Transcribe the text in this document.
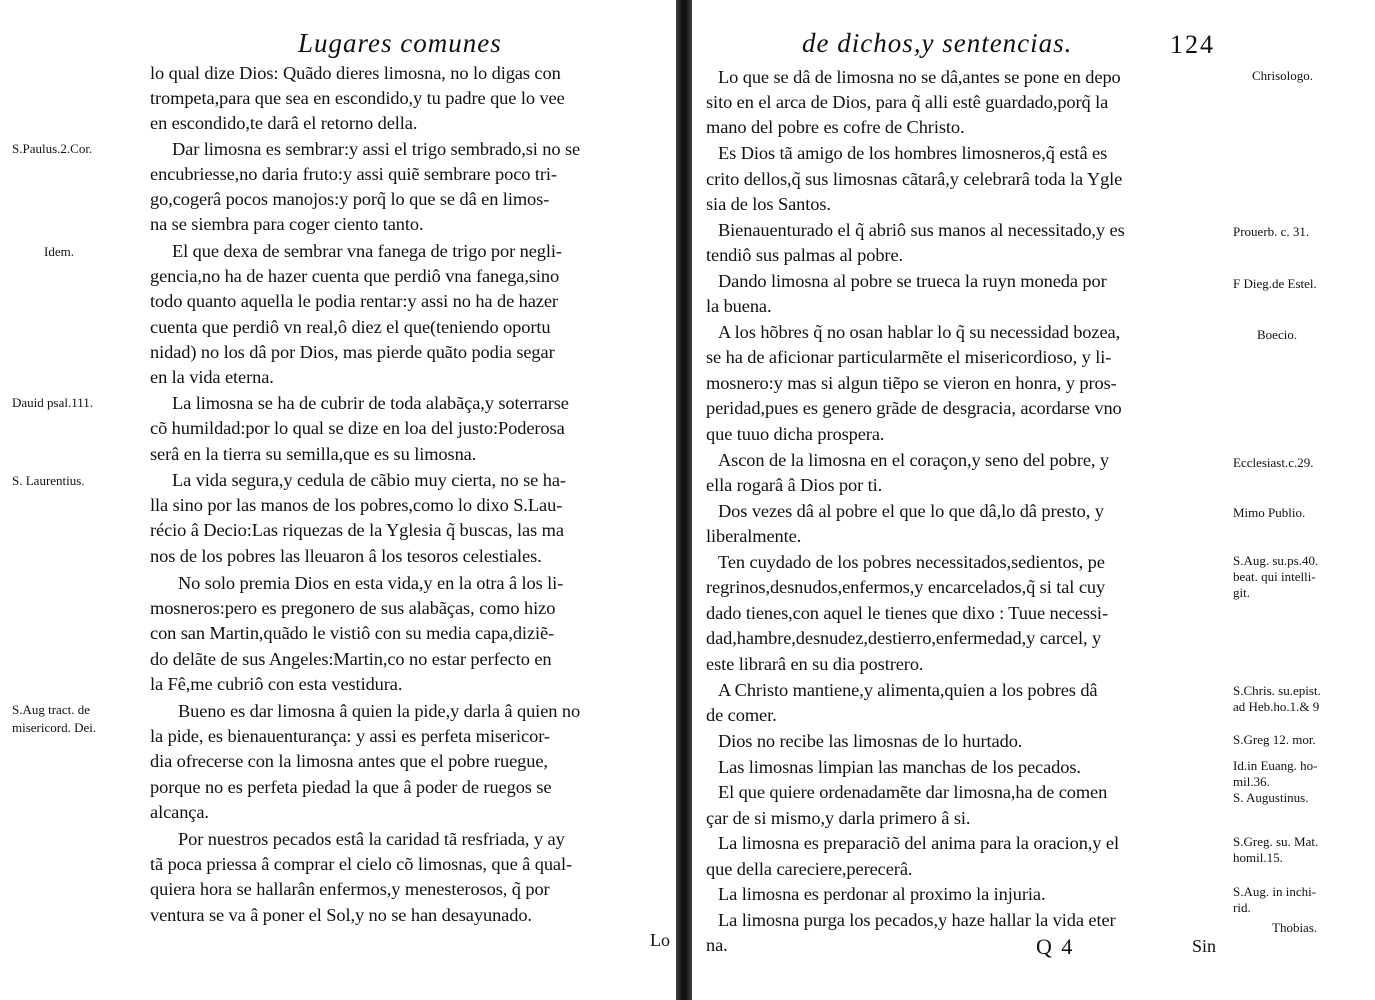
Lugares comunes
lo qual dize Dios: Quãdo dieres limosna, no lo digas con
trompeta,para que sea en escondido,y tu padre que lo vee
en escondido,te darâ el retorno della.
Dar limosna es sembrar:y assi el trigo sembrado,si no se
encubriesse,no daria fruto:y assi quiẽ sembrare poco tri-
go,cogerâ pocos manojos:y porq̃ lo que se dâ en limos-
na se siembra para coger ciento tanto.
El que dexa de sembrar vna fanega de trigo por negli-
gencia,no ha de hazer cuenta que perdiô vna fanega,sino
todo quanto aquella le podia rentar:y assi no ha de hazer
cuenta que perdiô vn real,ô diez el que(teniendo oportu
nidad) no los dâ por Dios, mas pierde quãto podia segar
en la vida eterna.
La limosna se ha de cubrir de toda alabãça,y soterrarse
cõ humildad:por lo qual se dize en loa del justo:Poderosa
serâ en la tierra su semilla,que es su limosna.
La vida segura,y cedula de cãbio muy cierta, no se ha-
lla sino por las manos de los pobres,como lo dixo S.Lau-
récio â Decio:Las riquezas de la Yglesia q̃ buscas, las ma
nos de los pobres las lleuaron â los tesoros celestiales.
No solo premia Dios en esta vida,y en la otra â los li-
mosneros:pero es pregonero de sus alabãças, como hizo
con san Martin,quãdo le vistiô con su media capa,diziẽ-
do delãte de sus Angeles:Martin,co no estar perfecto en
la Fê,me cubriô con esta vestidura.
Bueno es dar limosna â quien la pide,y darla â quien no
la pide, es bienauenturança: y assi es perfeta misericor-
dia ofrecerse con la limosna antes que el pobre ruegue,
porque no es perfeta piedad la que â poder de ruegos se
alcança.
Por nuestros pecados estâ la caridad tã resfriada, y ay
tã poca priessa â comprar el cielo cõ limosnas, que â qual-
quiera hora se hallarân enfermos,y menesterosos, q̃ por
ventura se va â poner el Sol,y no se han desayunado.
S.Paulus.2.Cor.
Idem.
Dauid psal.111.
S. Laurentius.
S.Aug tract. de
misericord. Dei.
Lo
de dichos,y sentencias.	124
Lo que se dâ de limosna no se dâ,antes se pone en depo
sito en el arca de Dios, para q̃ alli estê guardado,porq̃ la
mano del pobre es cofre de Christo.
Es Dios tã amigo de los hombres limosneros,q̃ estâ es
crito dellos,q̃ sus limosnas cãtarâ,y celebrarâ toda la Ygle
sia de los Santos.
Bienauenturado el q̃ abriô sus manos al necessitado,y es
tendiô sus palmas al pobre.
Dando limosna al pobre se trueca la ruyn moneda por
la buena.
A los hõbres q̃ no osan hablar lo q̃ su necessidad bozea,
se ha de aficionar particularmẽte el misericordioso, y li-
mosnero:y mas si algun tiẽpo se vieron en honra, y pros-
peridad,pues es genero grãde de desgracia, acordarse vno
que tuuo dicha prospera.
Ascon de la limosna en el coraçon,y seno del pobre, y
ella rogarâ â Dios por ti.
Dos vezes dâ al pobre el que lo que dâ,lo dâ presto, y
liberalmente.
Ten cuydado de los pobres necessitados,sedientos, pe
regrinos,desnudos,enfermos,y encarcelados,q̃ si tal cuy
dado tienes,con aquel le tienes que dixo : Tuue necessi-
dad,hambre,desnudez,destierro,enfermedad,y carcel, y
este librarâ en su dia postrero.
A Christo mantiene,y alimenta,quien a los pobres dâ
de comer.
Dios no recibe las limosnas de lo hurtado.
Las limosnas limpian las manchas de los pecados.
El que quiere ordenadamẽte dar limosna,ha de comen
çar de si mismo,y darla primero â si.
La limosna es preparaciõ del anima para la oracion,y el
que della careciere,perecerâ.
La limosna es perdonar al proximo la injuria.
La limosna purga los pecados,y haze hallar la vida eter
na.
Chrisologo.
Prouerb. c. 31.
F Dieg.de Estel.
Boecio.
Ecclesiast.c.29.
Mimo Publio.
S.Aug. su.ps.40.
beat. qui intelli-
git.
S.Chris. su.epist.
ad Heb.ho.1.& 9
S.Greg 12. mor.
Id.in Euang. ho-
mil.36.
S. Augustinus.
S.Greg. su. Mat.
homil.15.
S.Aug. in inchi-
rid.
Thobias.
Q 4	Sin
